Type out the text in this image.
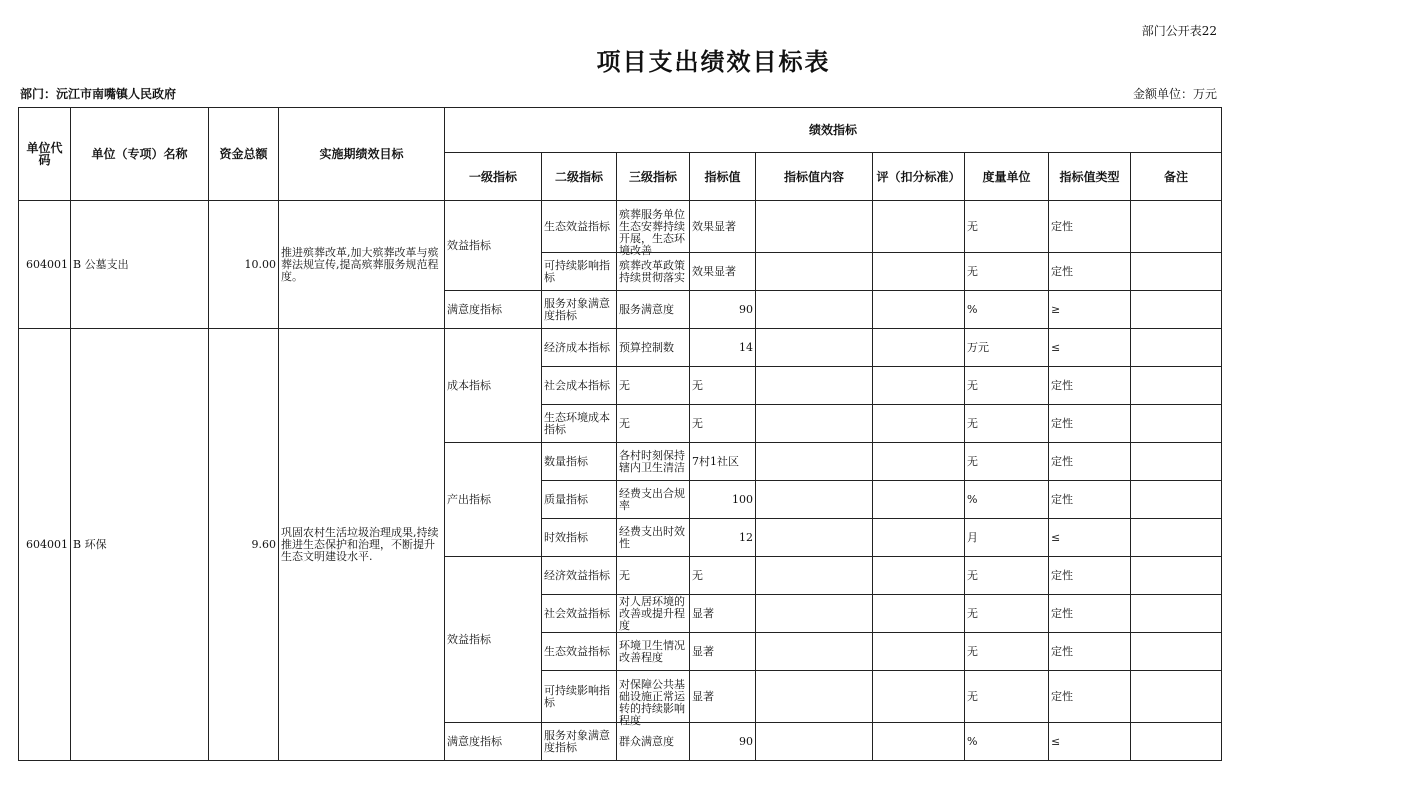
部门公开表22
项目支出绩效目标表
部门：沅江市南嘴镇人民政府	金额单位：万元
单位代码	单位（专项）名称	资金总额	实施期绩效目标	绩效指标								
				一级指标	二级指标	三级指标	指标值	指标值内容	评（扣分标准）	度量单位	指标值类型	备注
604001	B 公墓支出	10.00	推进殡葬改革,加大殡葬改革与殡葬法规宣传,提高殡葬服务规范程度。	效益指标	生态效益指标	殡葬服务单位生态安葬持续开展，生态环境改善	效果显著			无	定性	
					可持续影响指标	殡葬改革政策持续贯彻落实	效果显著			无	定性	
				满意度指标	服务对象满意度指标	服务满意度	90			%	≥	
604001	B 环保	9.60	巩固农村生活垃圾治理成果,持续推进生态保护和治理，不断提升生态文明建设水平.	成本指标	经济成本指标	预算控制数	14			万元	≤	
					社会成本指标	无	无			无	定性	
					生态环境成本指标	无	无			无	定性	
				产出指标	数量指标	各村时刻保持辖内卫生清洁	7村1社区			无	定性	
					质量指标	经费支出合规率	100			%	定性	
					时效指标	经费支出时效性	12			月	≤	
				效益指标	经济效益指标	无	无			无	定性	
					社会效益指标	对人居环境的改善或提升程度	显著			无	定性	
					生态效益指标	环境卫生情况改善程度	显著			无	定性	
					可持续影响指标	对保障公共基础设施正常运转的持续影响程度	显著			无	定性	
				满意度指标	服务对象满意度指标	群众满意度	90			%	≤	
